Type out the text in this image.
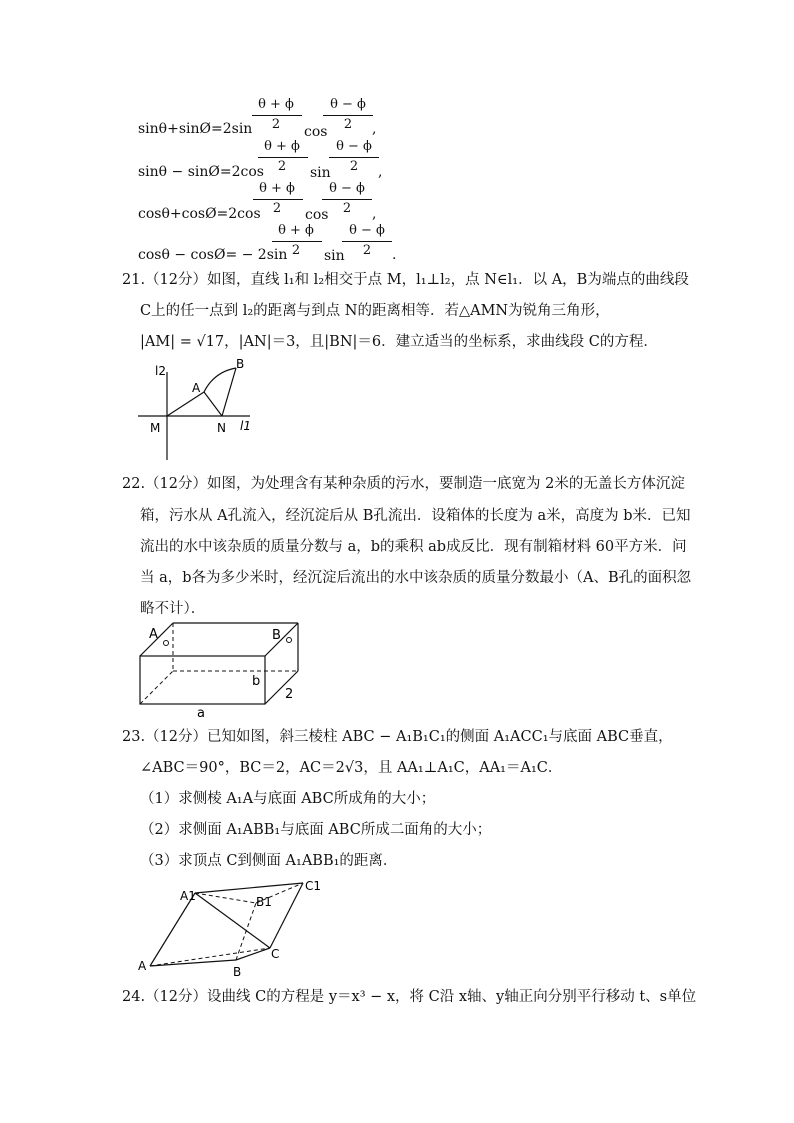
sinθ+sinØ=2sin
θ + ϕ
2	cos
θ − ϕ
2	,
sinθ − sinØ=2cos
θ + ϕ
2	sin
θ − ϕ
2	,
cosθ+cosØ=2cos
θ + ϕ
2	cos
θ − ϕ
2	,
cosθ − cosØ= − 2sin
θ + ϕ
2	sin
θ − ϕ
2	.
21.（12分）如图，直线 l₁和 l₂相交于点 M，l₁⊥l₂，点 N∈l₁．以 A，B为端点的曲线段
C上的任一点到 l₂的距离与到点 N的距离相等．若△AMN为锐角三角形，
|AM| = √17，|AN|＝3，且|BN|＝6．建立适当的坐标系，求曲线段 C的方程．
l2
l1
A
B
M	N
22.（12分）如图，为处理含有某种杂质的污水，要制造一底宽为 2米的无盖长方体沉淀
箱，污水从 A孔流入，经沉淀后从 B孔流出．设箱体的长度为 a米，高度为 b米．已知
流出的水中该杂质的质量分数与 a，b的乘积 ab成反比．现有制箱材料 60平方米．问
当 a，b各为多少米时，经沉淀后流出的水中该杂质的质量分数最小（A、B孔的面积忽
略不计）．
A	B
b
2
a
23.（12分）已知如图，斜三棱柱 ABC − A₁B₁C₁的侧面 A₁ACC₁与底面 ABC垂直，
∠ABC＝90°，BC＝2，AC＝2√3，且 AA₁⊥A₁C，AA₁＝A₁C．
（1）求侧棱 A₁A与底面 ABC所成角的大小；
（2）求侧面 A₁ABB₁与底面 ABC所成二面角的大小；
（3）求顶点 C到侧面 A₁ABB₁的距离．
A1	B1
C1
A	B
C
24.（12分）设曲线 C的方程是 y＝x³ − x，将 C沿 x轴、y轴正向分别平行移动 t、s单位
